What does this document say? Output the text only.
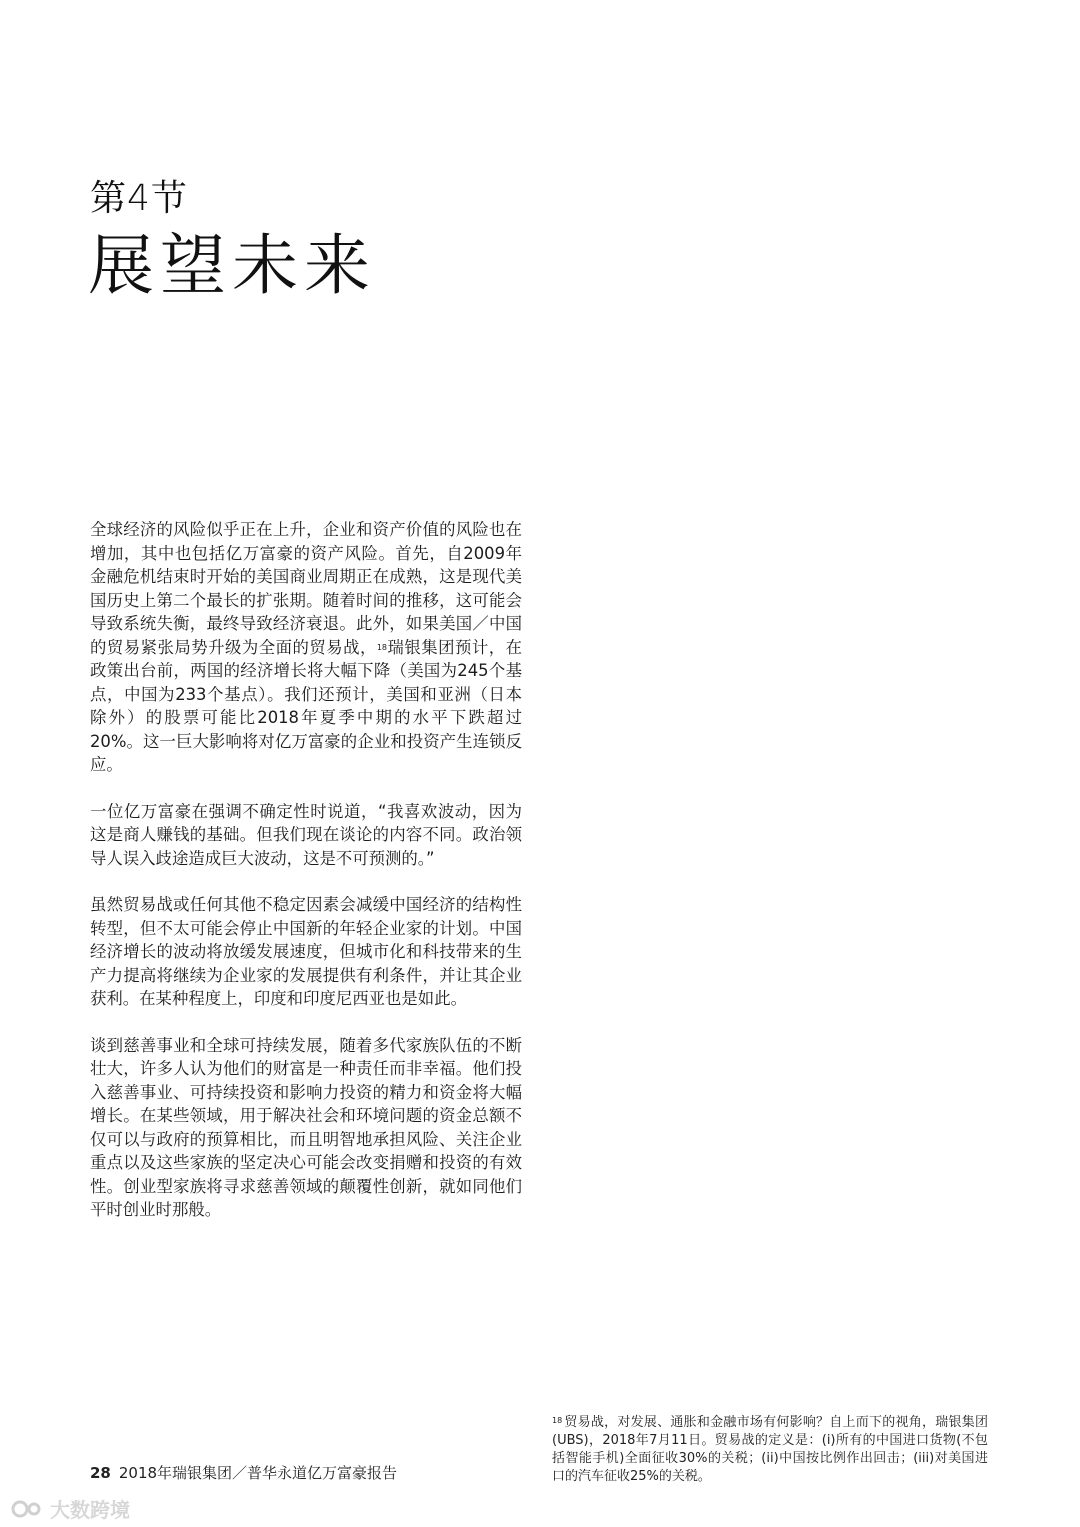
第4节
展望未来

全球经济的风险似乎正在上升，企业和资产价值的风险也在增加，其中也包括亿万富豪的资产风险。首先，自2009年金融危机结束时开始的美国商业周期正在成熟，这是现代美国历史上第二个最长的扩张期。随着时间的推移，这可能会导致系统失衡，最终导致经济衰退。此外，如果美国／中国的贸易紧张局势升级为全面的贸易战，$^{18}$瑞银集团预计，在政策出台前，两国的经济增长将大幅下降（美国为245个基点，中国为233个基点）。我们还预计，美国和亚洲（日本除外）的股票可能比2018年夏季中期的水平下跌超过20%。这一巨大影响将对亿万富豪的企业和投资产生连锁反应。

一位亿万富豪在强调不确定性时说道，“我喜欢波动，因为这是商人赚钱的基础。但我们现在谈论的内容不同。政治领导人误入歧途造成巨大波动，这是不可预测的。”

虽然贸易战或任何其他不稳定因素会减缓中国经济的结构性转型，但不太可能会停止中国新的年轻企业家的计划。中国经济增长的波动将放缓发展速度，但城市化和科技带来的生产力提高将继续为企业家的发展提供有利条件，并让其企业获利。在某种程度上，印度和印度尼西亚也是如此。

谈到慈善事业和全球可持续发展，随着多代家族队伍的不断壮大，许多人认为他们的财富是一种责任而非幸福。他们投入慈善事业、可持续投资和影响力投资的精力和资金将大幅增长。在某些领域，用于解决社会和环境问题的资金总额不仅可以与政府的预算相比，而且明智地承担风险、关注企业重点以及这些家族的坚定决心可能会改变捐赠和投资的有效性。创业型家族将寻求慈善领域的颠覆性创新，就如同他们平时创业时那般。

$^{18}$ 贸易战，对发展、通胀和金融市场有何影响？自上而下的视角，瑞银集团(UBS)，2018年7月11日。贸易战的定义是：(i)所有的中国进口货物(不包括智能手机)全面征收30%的关税；(ii)中国按比例作出回击；(iii)对美国进口的汽车征收25%的关税。
28 2018年瑞银集团／普华永道亿万富豪报告
大数跨境
